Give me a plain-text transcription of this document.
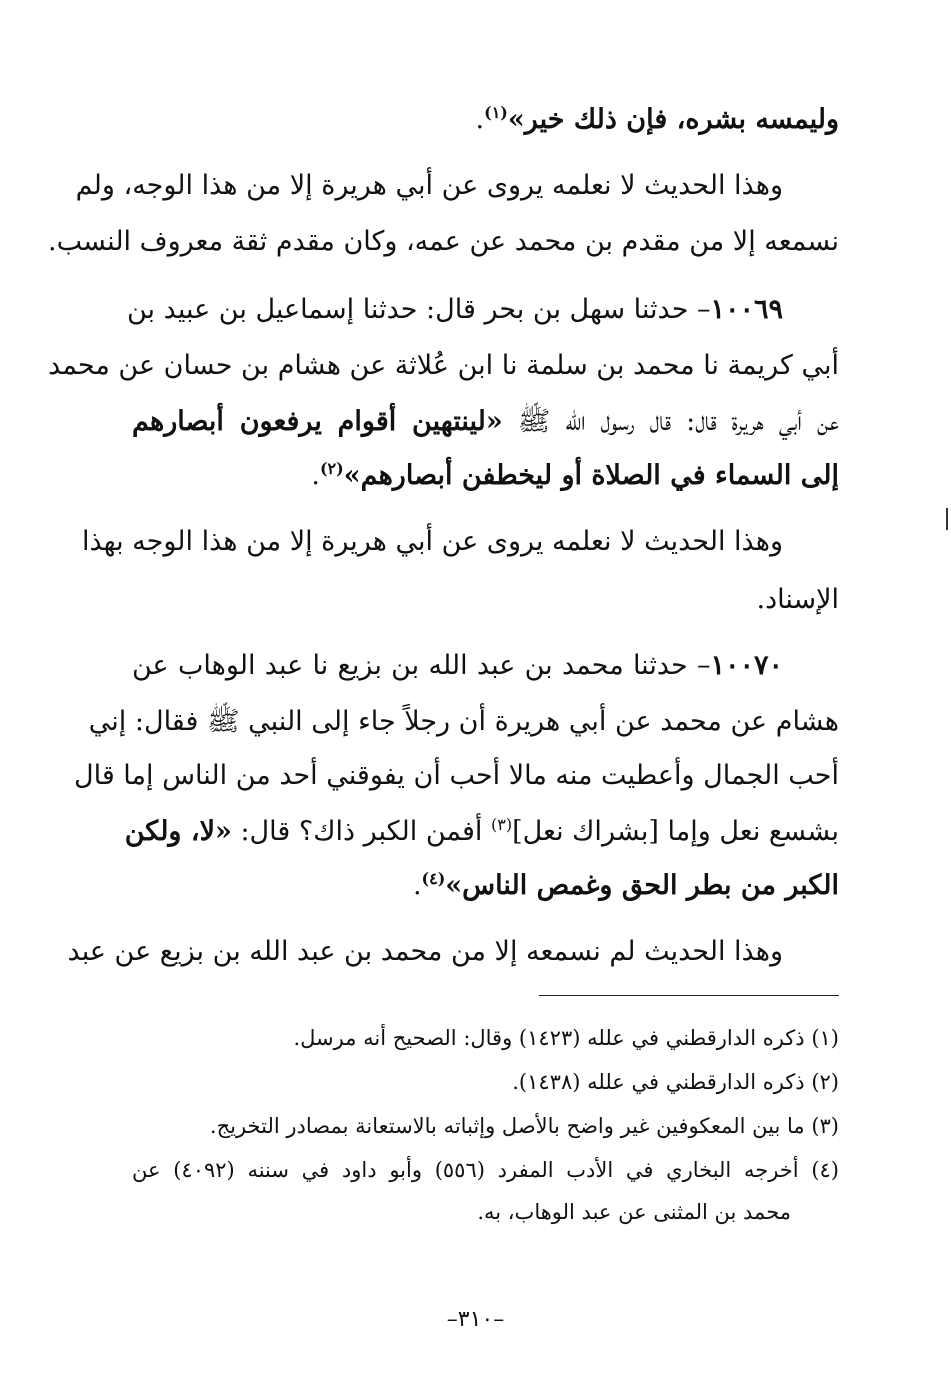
وليمسه بشره، فإن ذلك خير»$^{(١)}$.
وهذا الحديث لا نعلمه يروى عن أبي هريرة إلا من هذا الوجه، ولم
نسمعه إلا من مقدم بن محمد عن عمه، وكان مقدم ثقة معروف النسب.
١٠٠٦٩– حدثنا سهل بن بحر قال: حدثنا إسماعيل بن عبيد بن
أبي كريمة نا محمد بن سلمة نا ابن عُلاثة عن هشام بن حسان عن محمد
عن أبي هريرة قال: قال رسول الله ﷺ «لينتهين أقوام يرفعون أبصارهم
إلى السماء في الصلاة أو ليخطفن أبصارهم»$^{(٢)}$.
وهذا الحديث لا نعلمه يروى عن أبي هريرة إلا من هذا الوجه بهذا
الإسناد.
١٠٠٧٠– حدثنا محمد بن عبد الله بن بزيع نا عبد الوهاب عن
هشام عن محمد عن أبي هريرة أن رجلاً جاء إلى النبي ﷺ فقال: إني
أحب الجمال وأعطيت منه مالا أحب أن يفوقني أحد من الناس إما قال
بشسع نعل وإما [بشراك نعل]$^{(٣)}$ أفمن الكبر ذاك؟ قال: «لا، ولكن
الكبر من بطر الحق وغمص الناس»$^{(٤)}$.
وهذا الحديث لم نسمعه إلا من محمد بن عبد الله بن بزيع عن عبد
(١) ذكره الدارقطني في علله (١٤٢٣) وقال: الصحيح أنه مرسل.
(٢) ذكره الدارقطني في علله (١٤٣٨).
(٣) ما بين المعكوفين غير واضح بالأصل وإثباته بالاستعانة بمصادر التخريج.
(٤) أخرجه البخاري في الأدب المفرد (٥٥٦) وأبو داود في سننه (٤٠٩٢) عن
محمد بن المثنى عن عبد الوهاب، به.
–٣١٠–
